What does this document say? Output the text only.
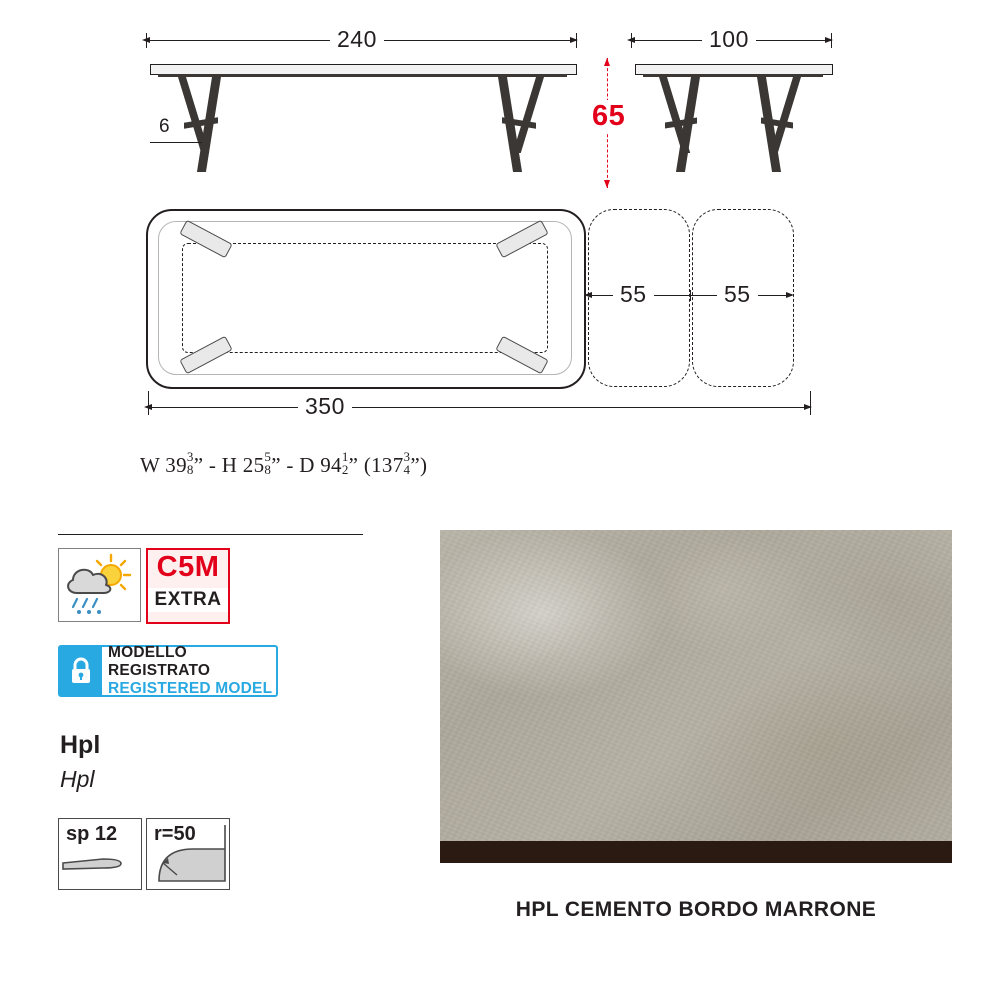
240
6
100
65
55	55
350
W 39 3
8 ” - H 25 5
8 ” - D 94 1
2 ” (137 3
4 ”)
C5M
EXTRA
MODELLO REGISTRATO
REGISTERED MODEL
Hpl
Hpl
sp 12 r=50
HPL CEMENTO BORDO MARRONE
